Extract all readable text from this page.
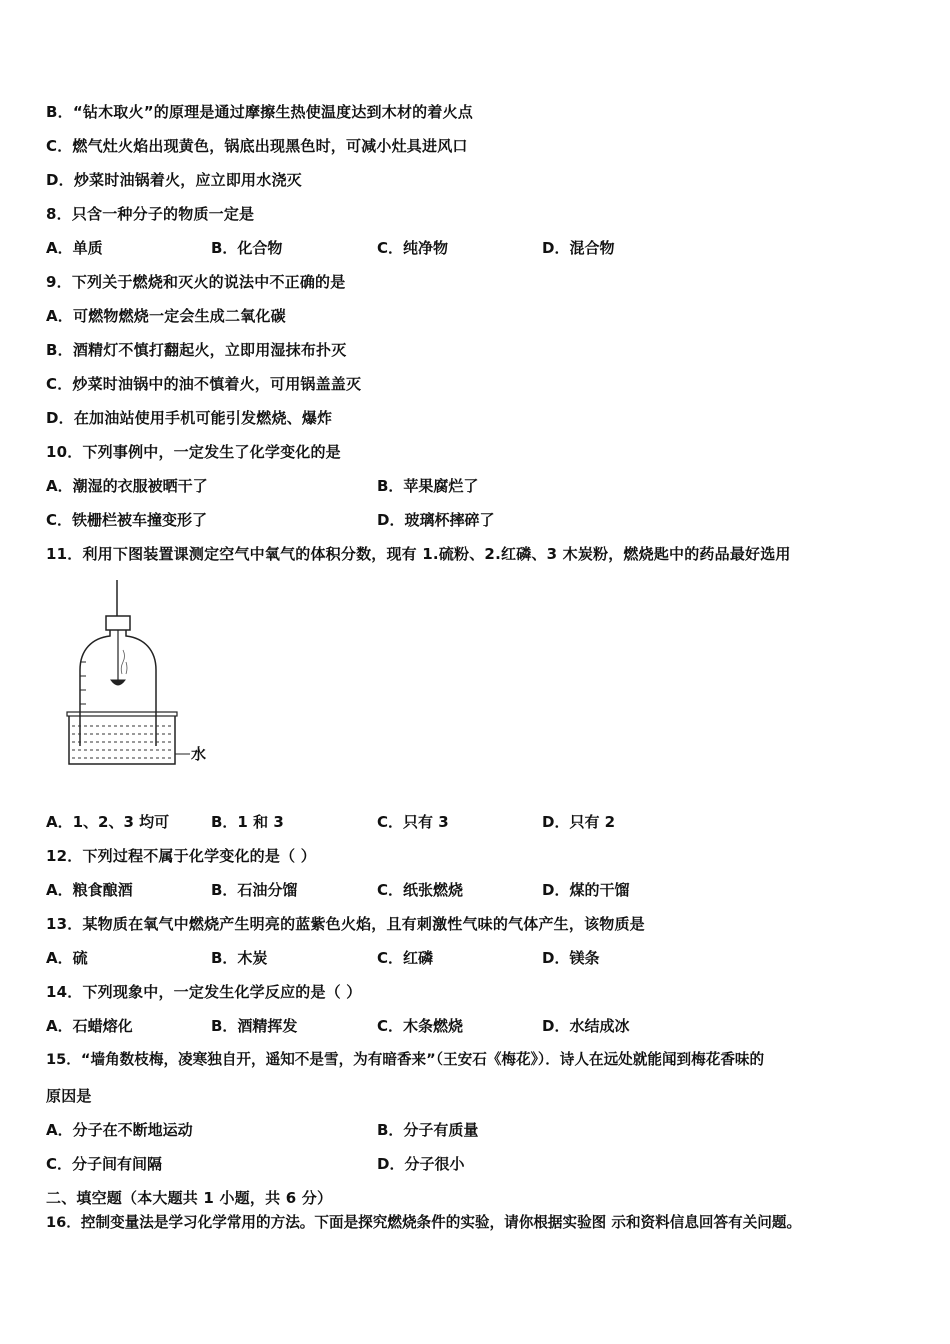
B．“钻木取火”的原理是通过摩擦生热使温度达到木材的着火点
C．燃气灶火焰出现黄色，锅底出现黑色时，可减小灶具进风口
D．炒菜时油锅着火，应立即用水浇灭
8．只含一种分子的物质一定是
A．单质	B．化合物	C．纯净物	D．混合物
9．下列关于燃烧和灭火的说法中不正确的是
A．可燃物燃烧一定会生成二氧化碳
B．酒精灯不慎打翻起火，立即用湿抹布扑灭
C．炒菜时油锅中的油不慎着火，可用锅盖盖灭
D．在加油站使用手机可能引发燃烧、爆炸
10．下列事例中，一定发生了化学变化的是
A．潮湿的衣服被晒干了	B．苹果腐烂了
C．铁栅栏被车撞变形了	D．玻璃杯摔碎了
11．利用下图装置课测定空气中氧气的体积分数，现有 1.硫粉、2.红磷、3 木炭粉，燃烧匙中的药品最好选用
水
A．1、2、3 均可	B．1 和 3	C．只有 3	D．只有 2
12．下列过程不属于化学变化的是（ ）
A．粮食酿酒	B．石油分馏	C．纸张燃烧	D．煤的干馏
13．某物质在氧气中燃烧产生明亮的蓝紫色火焰，且有刺激性气味的气体产生，该物质是
A．硫	B．木炭	C．红磷	D．镁条
14．下列现象中，一定发生化学反应的是（ ）
A．石蜡熔化	B．酒精挥发	C．木条燃烧	D．水结成冰
15．“墙角数枝梅，凌寒独自开，遥知不是雪，为有暗香来”（王安石《梅花》）．诗人在远处就能闻到梅花香味的
原因是
A．分子在不断地运动	B．分子有质量
C．分子间有间隔	D．分子很小
二、填空题（本大题共 1 小题，共 6 分）
16．控制变量法是学习化学常用的方法。下面是探究燃烧条件的实验，请你根据实验图 示和资料信息回答有关问题。
